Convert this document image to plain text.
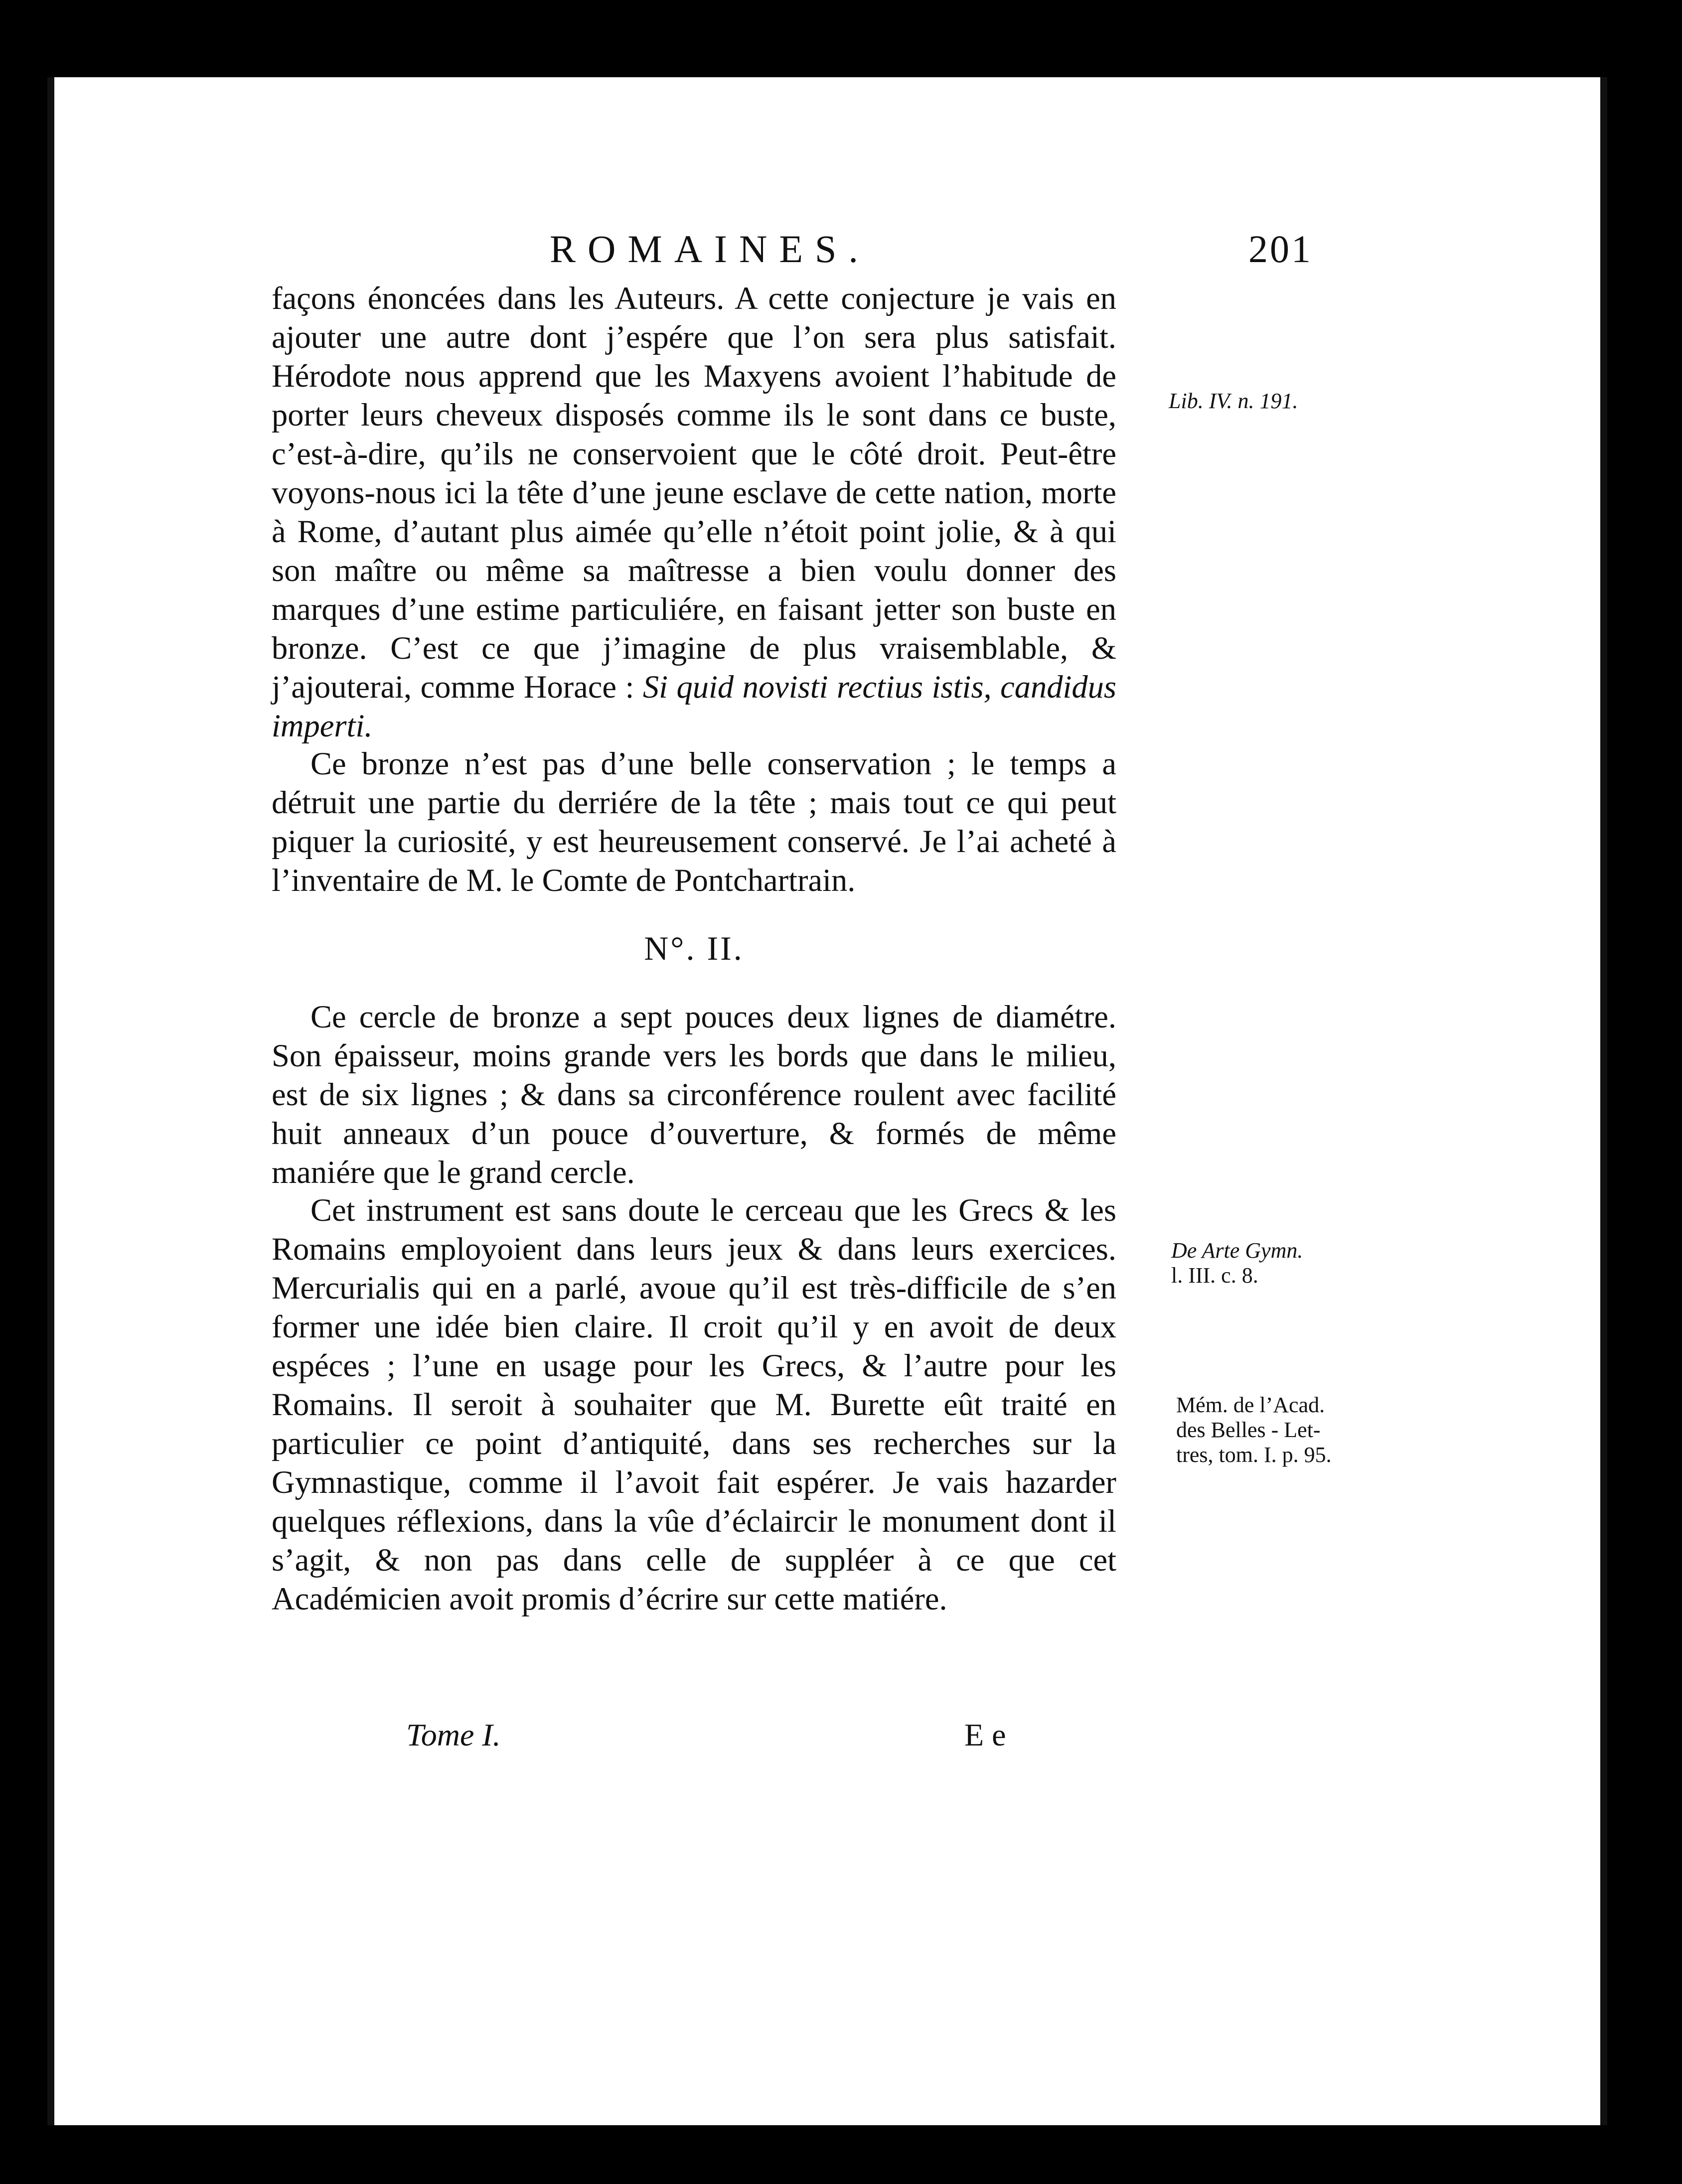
ROMAINES.	201

façons énoncées dans les Auteurs. A cette conjecture je vais en ajouter une autre dont j’espére que l’on sera plus satisfait. Hérodote nous apprend que les Maxyens avoient l’habitude de porter leurs cheveux disposés comme ils le sont dans ce buste, c’est-à-dire, qu’ils ne conservoient que le côté droit. Peut-être voyons-nous ici la tête d’une jeune esclave de cette nation, morte à Rome, d’autant plus aimée qu’elle n’étoit point jolie, & à qui son maître ou même sa maîtresse a bien voulu donner des marques d’une estime particuliére, en faisant jetter son buste en bronze. C’est ce que j’imagine de plus vraisemblable, & j’ajouterai, comme Horace : Si quid novisti rectius istis, candidus imperti.

Ce bronze n’est pas d’une belle conservation ; le temps a détruit une partie du derriére de la tête ; mais tout ce qui peut piquer la curiosité, y est heureusement conservé. Je l’ai acheté à l’inventaire de M. le Comte de Pontchartrain.

N°. II.

Ce cercle de bronze a sept pouces deux lignes de diamétre. Son épaisseur, moins grande vers les bords que dans le milieu, est de six lignes ; & dans sa circonférence roulent avec facilité huit anneaux d’un pouce d’ouverture, & formés de même maniére que le grand cercle.

Cet instrument est sans doute le cerceau que les Grecs & les Romains employoient dans leurs jeux & dans leurs exercices. Mercurialis qui en a parlé, avoue qu’il est très-difficile de s’en former une idée bien claire. Il croit qu’il y en avoit de deux espéces ; l’une en usage pour les Grecs, & l’autre pour les Romains. Il seroit à souhaiter que M. Burette eût traité en particulier ce point d’antiquité, dans ses recherches sur la Gymnastique, comme il l’avoit fait espérer. Je vais hazarder quelques réflexions, dans la vûe d’éclaircir le monument dont il s’agit, & non pas dans celle de suppléer à ce que cet Académicien avoit promis d’écrire sur cette matiére.

Lib. IV. n. 191.
De Arte Gymn.
l. III. c. 8.
Mém. de l’Acad.
des Belles - Let-
tres, tom. I. p. 95.
Tome I.	E e
